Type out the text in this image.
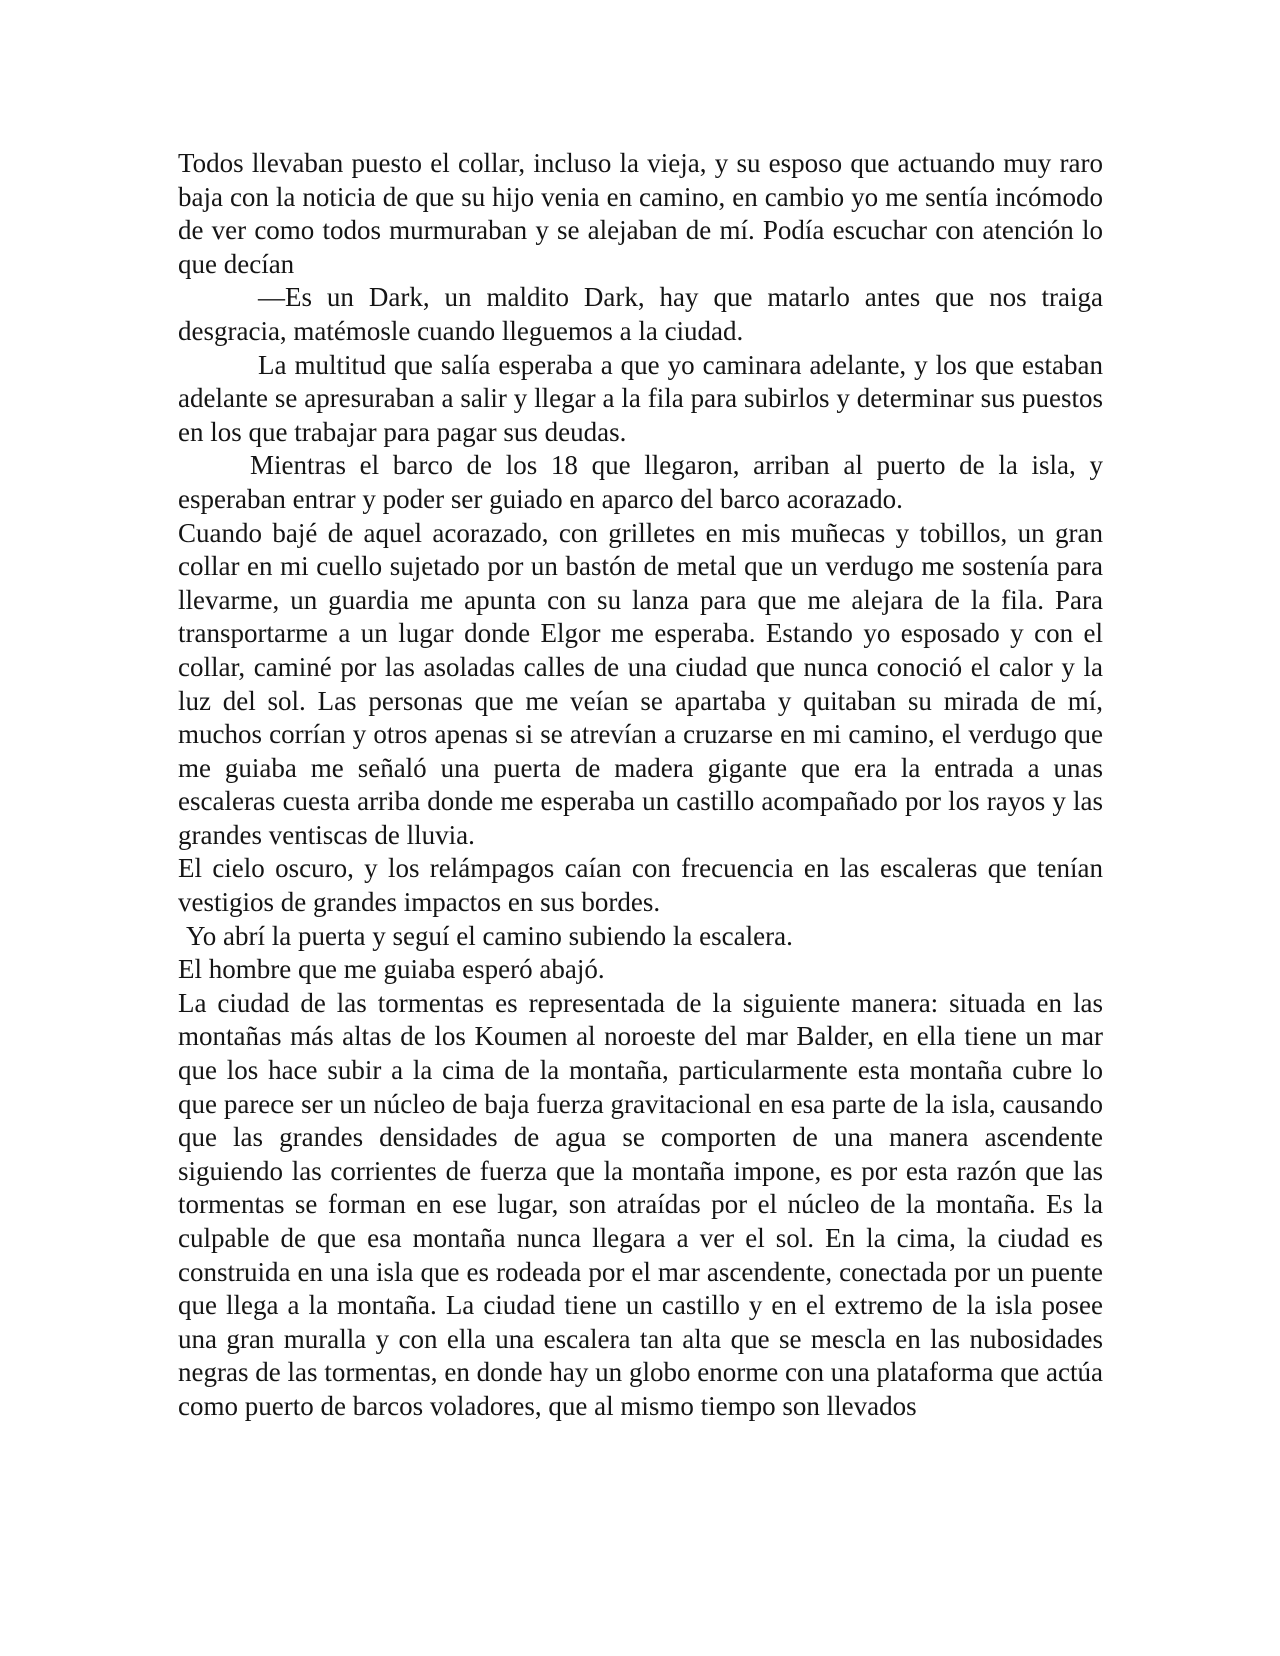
Todos llevaban puesto el collar, incluso la vieja, y su esposo que actuando muy raro baja con la noticia de que su hijo venia en camino, en cambio yo me sentía incómodo de ver como todos murmuraban y se alejaban de mí. Podía escuchar con atención lo que decían

—Es un Dark, un maldito Dark, hay que matarlo antes que nos traiga desgracia, matémosle cuando lleguemos a la ciudad.

La multitud que salía esperaba a que yo caminara adelante, y los que estaban adelante se apresuraban a salir y llegar a la fila para subirlos y determinar sus puestos en los que trabajar para pagar sus deudas.

Mientras el barco de los 18 que llegaron, arriban al puerto de la isla, y esperaban entrar y poder ser guiado en aparco del barco acorazado.

Cuando bajé de aquel acorazado, con grilletes en mis muñecas y tobillos, un gran collar en mi cuello sujetado por un bastón de metal que un verdugo me sostenía para llevarme, un guardia me apunta con su lanza para que me alejara de la fila. Para transportarme a un lugar donde Elgor me esperaba. Estando yo esposado y con el collar, caminé por las asoladas calles de una ciudad que nunca conoció el calor y la luz del sol. Las personas que me veían se apartaba y quitaban su mirada de mí, muchos corrían y otros apenas si se atrevían a cruzarse en mi camino, el verdugo que me guiaba me señaló una puerta de madera gigante que era la entrada a unas escaleras cuesta arriba donde me esperaba un castillo acompañado por los rayos y las grandes ventiscas de lluvia.

El cielo oscuro, y los relámpagos caían con frecuencia en las escaleras que tenían vestigios de grandes impactos en sus bordes.

Yo abrí la puerta y seguí el camino subiendo la escalera.

El hombre que me guiaba esperó abajó.

La ciudad de las tormentas es representada de la siguiente manera: situada en las montañas más altas de los Koumen al noroeste del mar Balder, en ella tiene un mar que los hace subir a la cima de la montaña, particularmente esta montaña cubre lo que parece ser un núcleo de baja fuerza gravitacional en esa parte de la isla, causando que las grandes densidades de agua se comporten de una manera ascendente siguiendo las corrientes de fuerza que la montaña impone, es por esta razón que las tormentas se forman en ese lugar, son atraídas por el núcleo de la montaña. Es la culpable de que esa montaña nunca llegara a ver el sol. En la cima, la ciudad es construida en una isla que es rodeada por el mar ascendente, conectada por un puente que llega a la montaña. La ciudad tiene un castillo y en el extremo de la isla posee una gran muralla y con ella una escalera tan alta que se mescla en las nubosidades negras de las tormentas, en donde hay un globo enorme con una plataforma que actúa como puerto de barcos voladores, que al mismo tiempo son llevados
